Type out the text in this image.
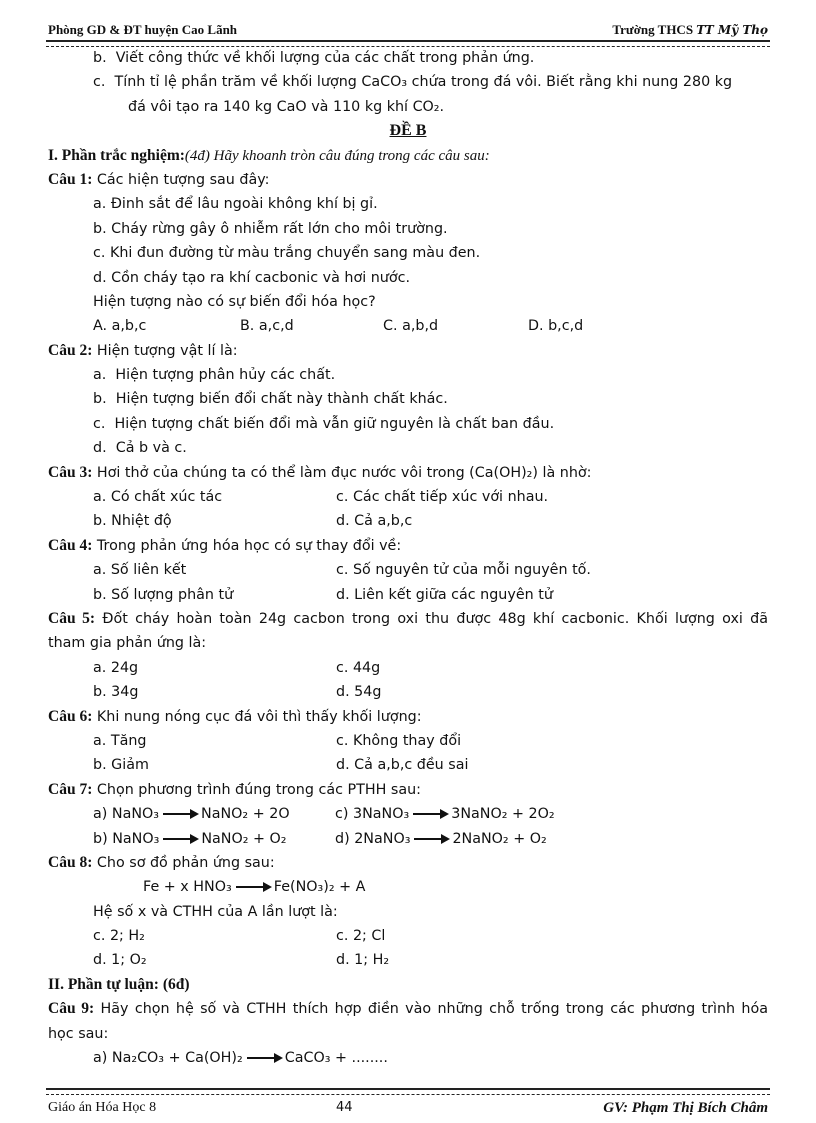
Phòng GD & ĐT huyện Cao Lãnh	Trường THCS TT Mỹ Thọ
b. Viết công thức về khối lượng của các chất trong phản ứng.
c. Tính tỉ lệ phần trăm về khối lượng CaCO₃ chứa trong đá vôi. Biết rằng khi nung 280 kg
đá vôi tạo ra 140 kg CaO và 110 kg khí CO₂.
ĐỀ B
I. Phần trắc nghiệm:(4đ) Hãy khoanh tròn câu đúng trong các câu sau:
Câu 1: Các hiện tượng sau đây:
a. Đinh sắt để lâu ngoài không khí bị gỉ.
b. Cháy rừng gây ô nhiễm rất lớn cho môi trường.
c. Khi đun đường từ màu trắng chuyển sang màu đen.
d. Cồn cháy tạo ra khí cacbonic và hơi nước.
Hiện tượng nào có sự biến đổi hóa học?
A. a,b,c	B. a,c,d	C. a,b,d	D. b,c,d
Câu 2: Hiện tượng vật lí là:
a. Hiện tượng phân hủy các chất.
b. Hiện tượng biến đổi chất này thành chất khác.
c. Hiện tượng chất biến đổi mà vẫn giữ nguyên là chất ban đầu.
d. Cả b và c.
Câu 3: Hơi thở của chúng ta có thể làm đục nước vôi trong (Ca(OH)₂) là nhờ:
a. Có chất xúc tác	c. Các chất tiếp xúc với nhau.
b. Nhiệt độ	d. Cả a,b,c
Câu 4: Trong phản ứng hóa học có sự thay đổi về:
a. Số liên kết	c. Số nguyên tử của mỗi nguyên tố.
b. Số lượng phân tử	d. Liên kết giữa các nguyên tử
Câu 5: Đốt cháy hoàn toàn 24g cacbon trong oxi thu được 48g khí cacbonic. Khối lượng oxi đã
tham gia phản ứng là:
a. 24g	c. 44g
b. 34g	d. 54g
Câu 6: Khi nung nóng cục đá vôi thì thấy khối lượng:
a. Tăng	c. Không thay đổi
b. Giảm	d. Cả a,b,c đều sai
Câu 7: Chọn phương trình đúng trong các PTHH sau:
a) NaNO₃ → NaNO₂ + 2O	c) 3NaNO₃ → 3NaNO₂ + 2O₂
b) NaNO₃ → NaNO₂ + O₂	d) 2NaNO₃ → 2NaNO₂ + O₂
Câu 8: Cho sơ đồ phản ứng sau:
Fe + x HNO₃ → Fe(NO₃)₂ + A
Hệ số x và CTHH của A lần lượt là:
c. 2; H₂	c. 2; Cl
d. 1; O₂	d. 1; H₂
II. Phần tự luận: (6đ)
Câu 9: Hãy chọn hệ số và CTHH thích hợp điền vào những chỗ trống trong các phương trình hóa
học sau:
a) Na₂CO₃ + Ca(OH)₂ → CaCO₃ + ........
Giáo án Hóa Học 8	44	GV: Phạm Thị Bích Châm
